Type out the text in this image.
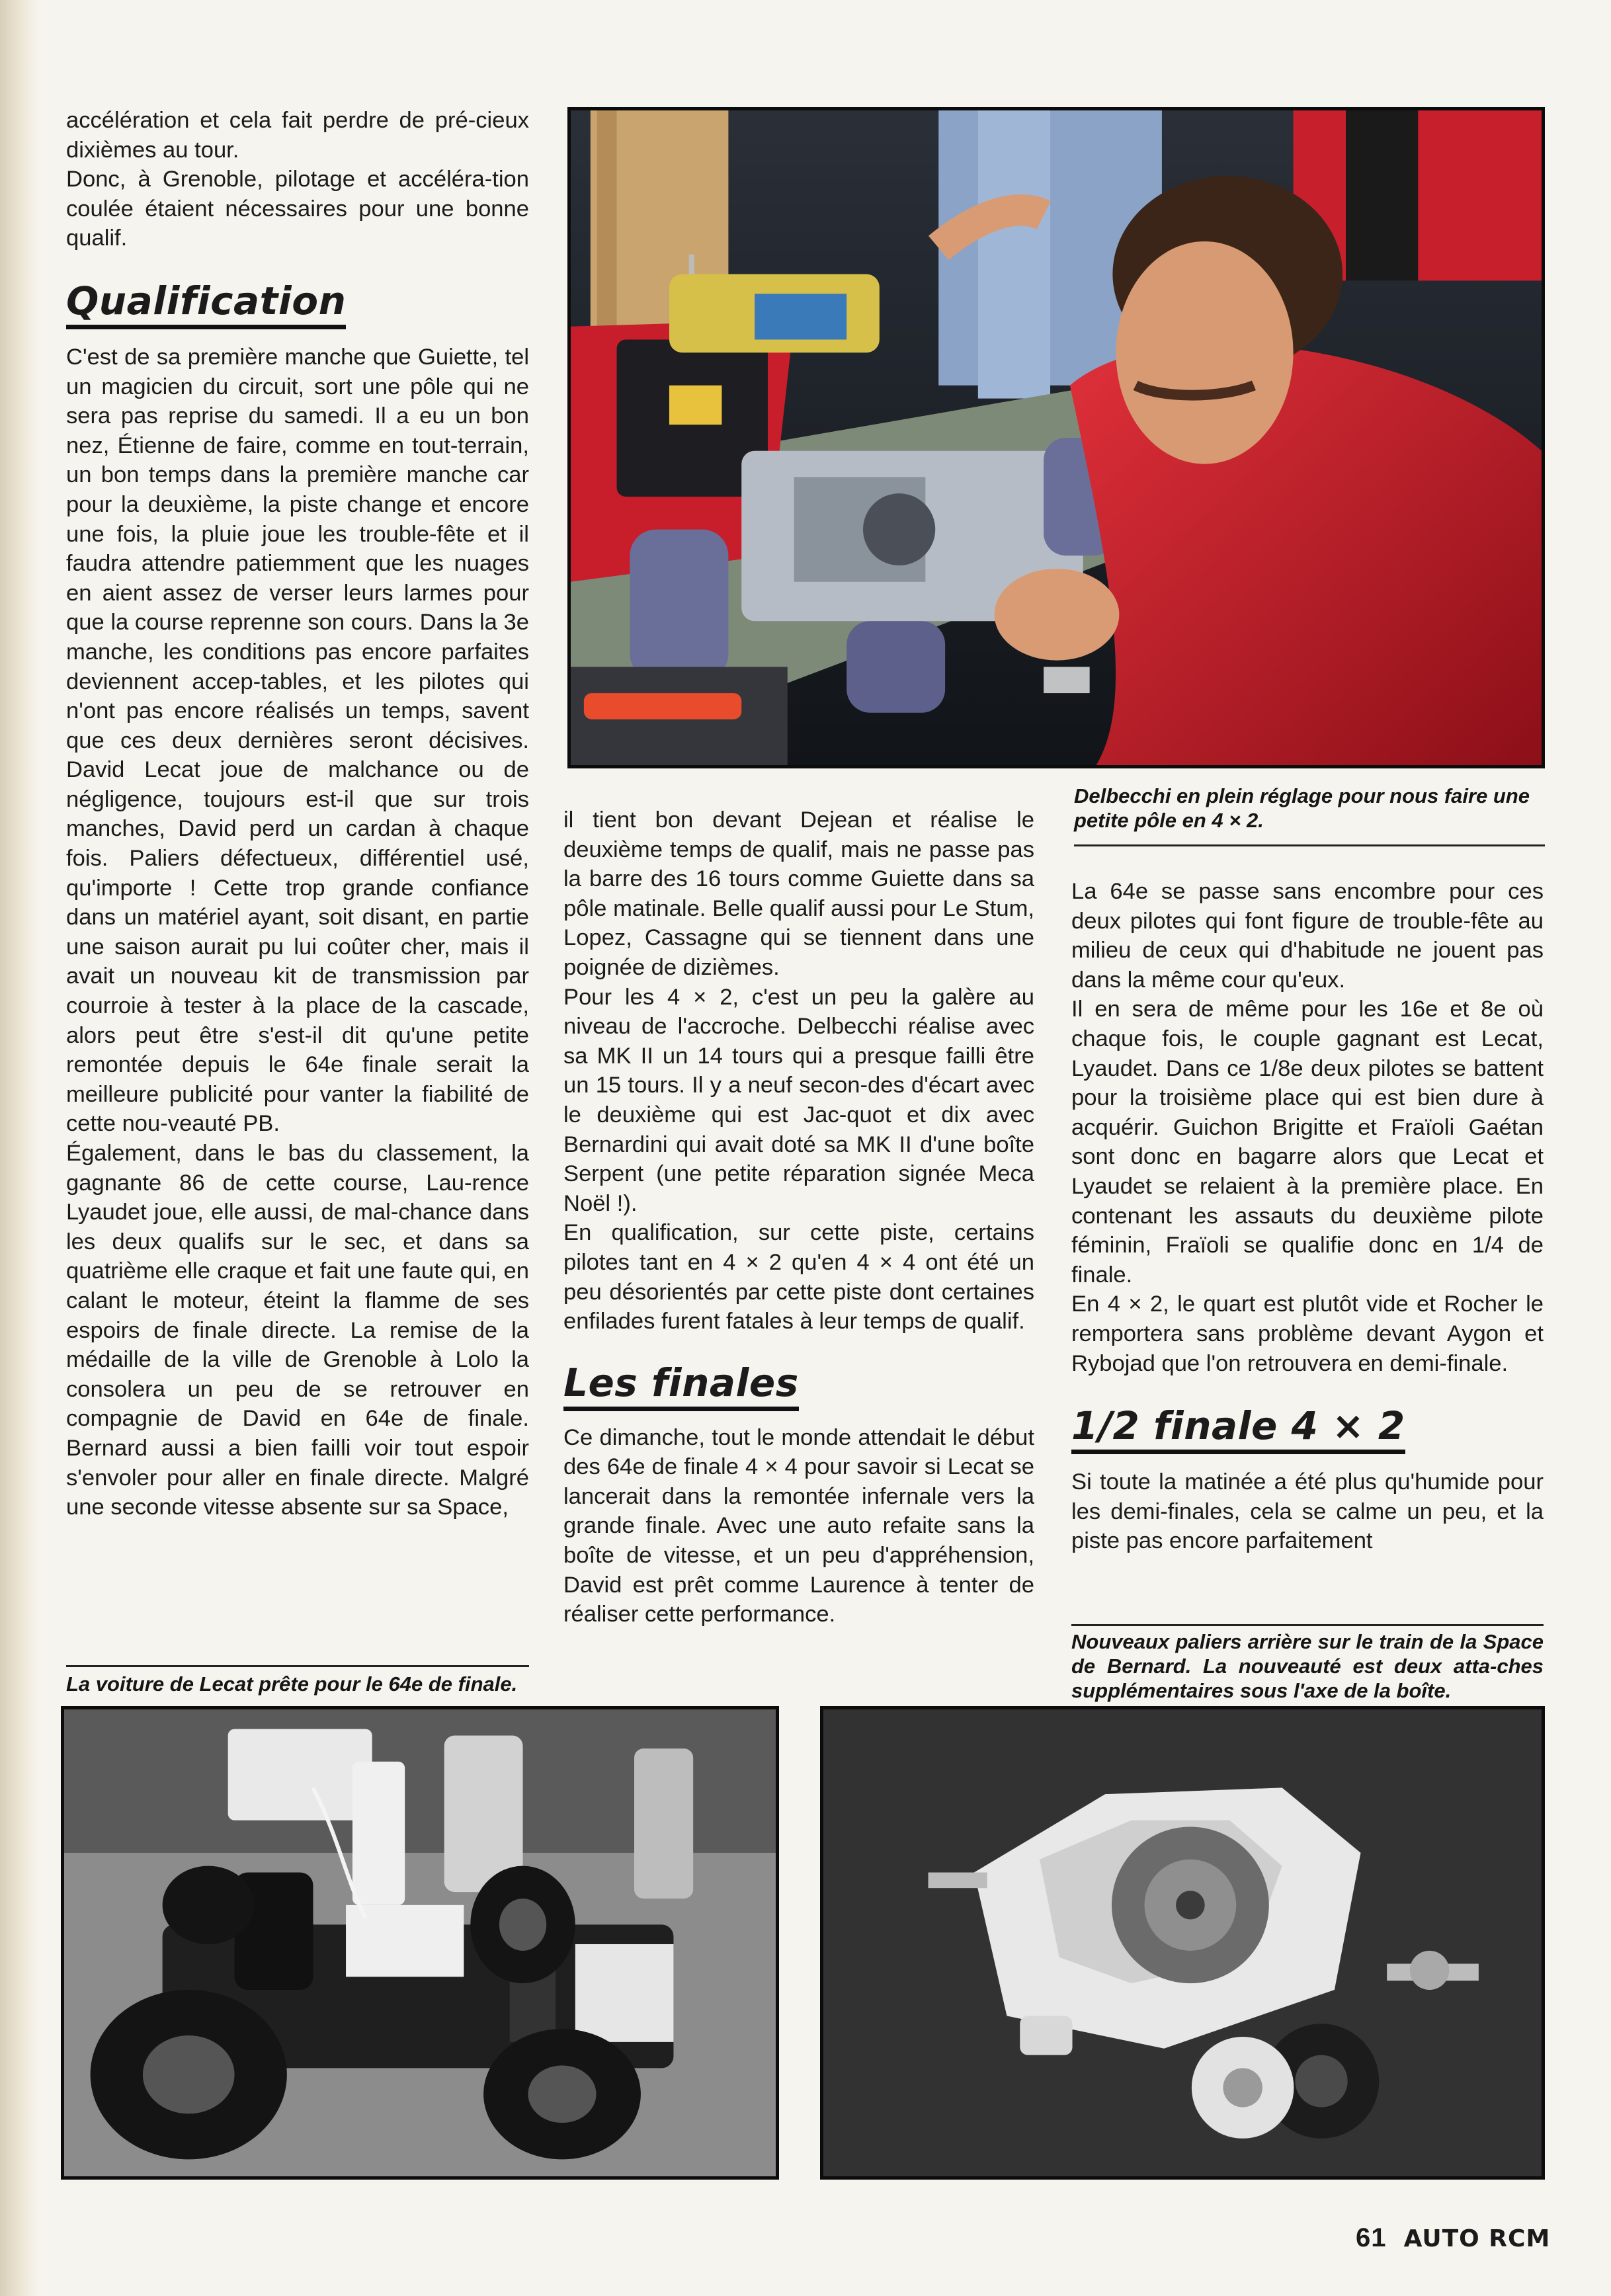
accélération et cela fait perdre de pré-cieux dixièmes au tour.

Donc, à Grenoble, pilotage et accéléra-tion coulée étaient nécessaires pour une bonne qualif.

Qualification

C'est de sa première manche que Guiette, tel un magicien du circuit, sort une pôle qui ne sera pas reprise du samedi. Il a eu un bon nez, Étienne de faire, comme en tout-terrain, un bon temps dans la première manche car pour la deuxième, la piste change et encore une fois, la pluie joue les trouble-fête et il faudra attendre patiemment que les nuages en aient assez de verser leurs larmes pour que la course reprenne son cours. Dans la 3e manche, les conditions pas encore parfaites deviennent accep-tables, et les pilotes qui n'ont pas encore réalisés un temps, savent que ces deux dernières seront décisives. David Lecat joue de malchance ou de négligence, toujours est-il que sur trois manches, David perd un cardan à chaque fois. Paliers défectueux, différentiel usé, qu'importe ! Cette trop grande confiance dans un matériel ayant, soit disant, en partie une saison aurait pu lui coûter cher, mais il avait un nouveau kit de transmission par courroie à tester à la place de la cascade, alors peut être s'est-il dit qu'une petite remontée depuis le 64e finale serait la meilleure publicité pour vanter la fiabilité de cette nou-veauté PB.

Également, dans le bas du classement, la gagnante 86 de cette course, Lau-rence Lyaudet joue, elle aussi, de mal-chance dans les deux qualifs sur le sec, et dans sa quatrième elle craque et fait une faute qui, en calant le moteur, éteint la flamme de ses espoirs de finale directe. La remise de la médaille de la ville de Grenoble à Lolo la consolera un peu de se retrouver en compagnie de David en 64e de finale. Bernard aussi a bien failli voir tout espoir s'envoler pour aller en finale directe. Malgré une seconde vitesse absente sur sa Space,

Delbecchi en plein réglage pour nous faire une petite pôle en 4 × 2.

il tient bon devant Dejean et réalise le deuxième temps de qualif, mais ne passe pas la barre des 16 tours comme Guiette dans sa pôle matinale. Belle qualif aussi pour Le Stum, Lopez, Cassagne qui se tiennent dans une poignée de dizièmes.

Pour les 4 × 2, c'est un peu la galère au niveau de l'accroche. Delbecchi réalise avec sa MK II un 14 tours qui a presque failli être un 15 tours. Il y a neuf secon-des d'écart avec le deuxième qui est Jac-quot et dix avec Bernardini qui avait doté sa MK II d'une boîte Serpent (une petite réparation signée Meca Noël !).

En qualification, sur cette piste, certains pilotes tant en 4 × 2 qu'en 4 × 4 ont été un peu désorientés par cette piste dont certaines enfilades furent fatales à leur temps de qualif.

Les finales

Ce dimanche, tout le monde attendait le début des 64e de finale 4 × 4 pour savoir si Lecat se lancerait dans la remontée infernale vers la grande finale. Avec une auto refaite sans la boîte de vitesse, et un peu d'appréhension, David est prêt comme Laurence à tenter de réaliser cette performance.

La 64e se passe sans encombre pour ces deux pilotes qui font figure de trouble-fête au milieu de ceux qui d'habitude ne jouent pas dans la même cour qu'eux.

Il en sera de même pour les 16e et 8e où chaque fois, le couple gagnant est Lecat, Lyaudet. Dans ce 1/8e deux pilotes se battent pour la troisième place qui est bien dure à acquérir. Guichon Brigitte et Fraïoli Gaétan sont donc en bagarre alors que Lecat et Lyaudet se relaient à la première place. En contenant les assauts du deuxième pilote féminin, Fraïoli se qualifie donc en 1/4 de finale.

En 4 × 2, le quart est plutôt vide et Rocher le remportera sans problème devant Aygon et Rybojad que l'on retrouvera en demi-finale.

1/2 finale 4 × 2

Si toute la matinée a été plus qu'humide pour les demi-finales, cela se calme un peu, et la piste pas encore parfaitement

La voiture de Lecat prête pour le 64e de finale.

Nouveaux paliers arrière sur le train de la Space de Bernard. La nouveauté est deux atta-ches supplémentaires sous l'axe de la boîte.

61 AUTO RCM
